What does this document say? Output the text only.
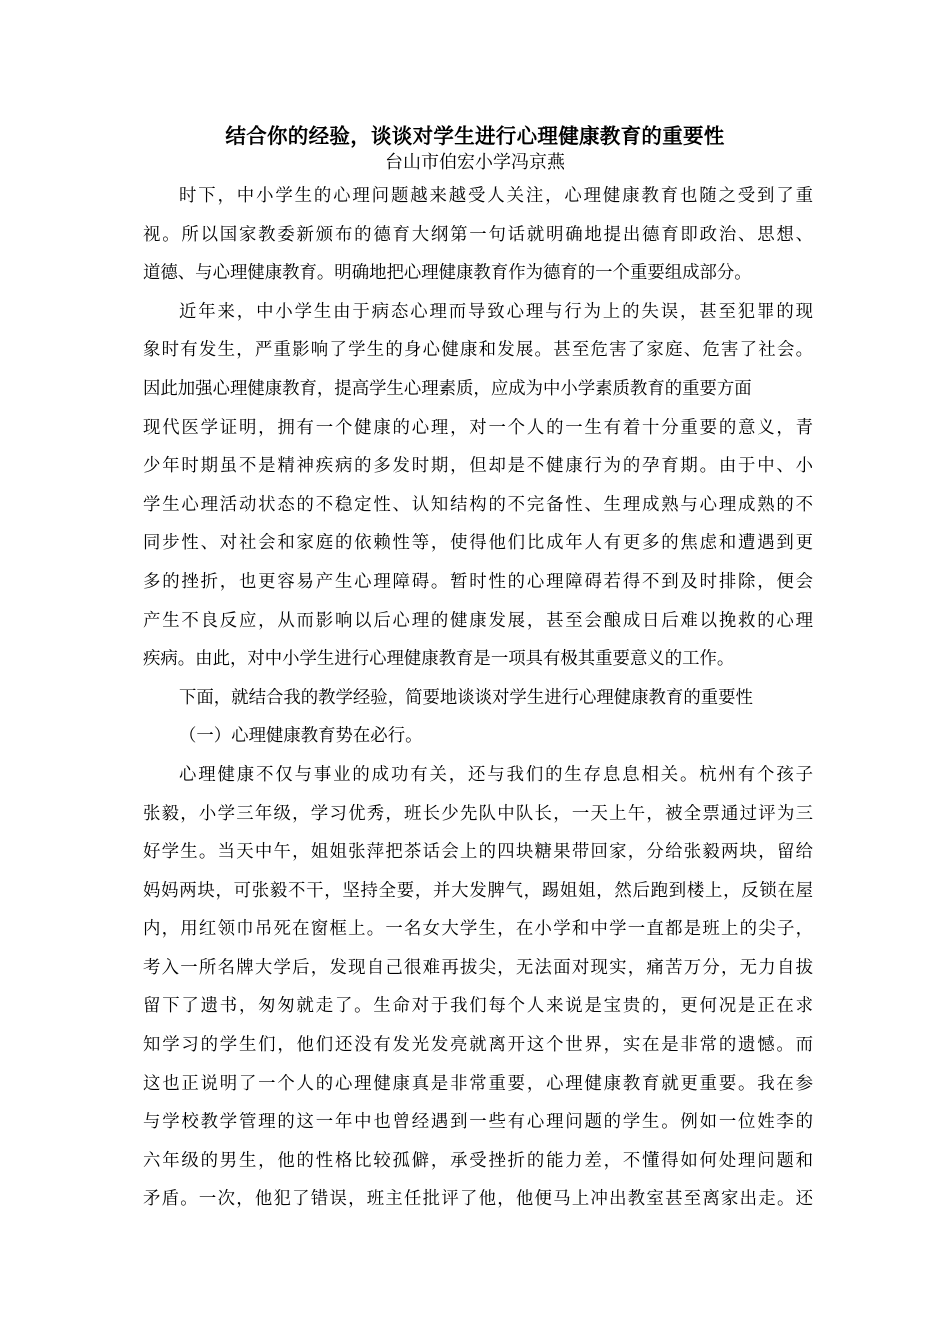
结合你的经验，谈谈对学生进行心理健康教育的重要性
台山市伯宏小学冯京燕
时下，中小学生的心理问题越来越受人关注，心理健康教育也随之受到了重
视。所以国家教委新颁布的德育大纲第一句话就明确地提出德育即政治、思想、
道德、与心理健康教育。明确地把心理健康教育作为德育的一个重要组成部分。
近年来，中小学生由于病态心理而导致心理与行为上的失误，甚至犯罪的现
象时有发生，严重影响了学生的身心健康和发展。甚至危害了家庭、危害了社会。
因此加强心理健康教育，提高学生心理素质，应成为中小学素质教育的重要方面
现代医学证明，拥有一个健康的心理，对一个人的一生有着十分重要的意义，青
少年时期虽不是精神疾病的多发时期，但却是不健康行为的孕育期。由于中、小
学生心理活动状态的不稳定性、认知结构的不完备性、生理成熟与心理成熟的不
同步性、对社会和家庭的依赖性等，使得他们比成年人有更多的焦虑和遭遇到更
多的挫折，也更容易产生心理障碍。暂时性的心理障碍若得不到及时排除，便会
产生不良反应，从而影响以后心理的健康发展，甚至会酿成日后难以挽救的心理
疾病。由此，对中小学生进行心理健康教育是一项具有极其重要意义的工作。
下面，就结合我的教学经验，简要地谈谈对学生进行心理健康教育的重要性
（一）心理健康教育势在必行。
心理健康不仅与事业的成功有关，还与我们的生存息息相关。杭州有个孩子
张毅，小学三年级，学习优秀，班长少先队中队长，一天上午，被全票通过评为三
好学生。当天中午，姐姐张萍把茶话会上的四块糖果带回家，分给张毅两块，留给
妈妈两块，可张毅不干，坚持全要，并大发脾气，踢姐姐，然后跑到楼上，反锁在屋
内，用红领巾吊死在窗框上。一名女大学生，在小学和中学一直都是班上的尖子，
考入一所名牌大学后，发现自己很难再拔尖，无法面对现实，痛苦万分，无力自拔
留下了遗书，匆匆就走了。生命对于我们每个人来说是宝贵的，更何况是正在求
知学习的学生们，他们还没有发光发亮就离开这个世界，实在是非常的遗憾。而
这也正说明了一个人的心理健康真是非常重要，心理健康教育就更重要。我在参
与学校教学管理的这一年中也曾经遇到一些有心理问题的学生。例如一位姓李的
六年级的男生，他的性格比较孤僻，承受挫折的能力差，不懂得如何处理问题和
矛盾。一次，他犯了错误，班主任批评了他，他便马上冲出教室甚至离家出走。还
